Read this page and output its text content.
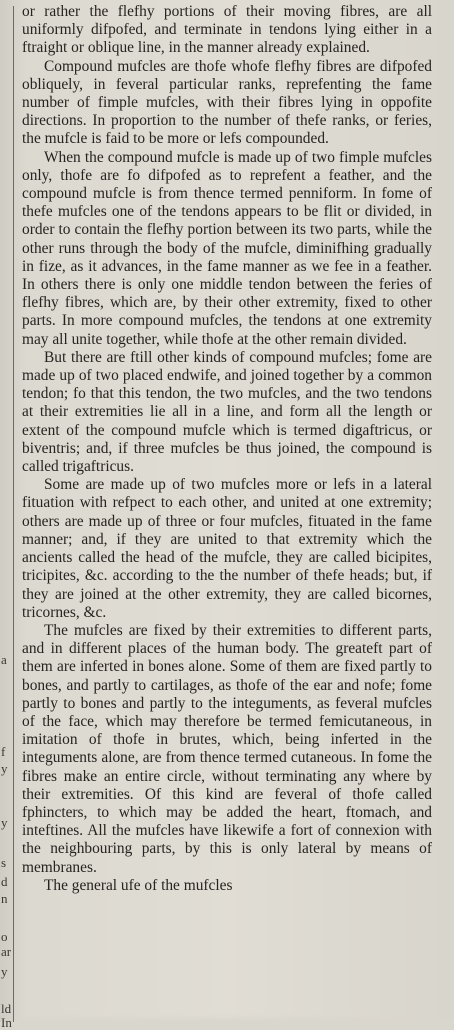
a
y
s
d
n
o
ar
y
ld
In
f
y

or rather the flefhy portions of their moving fibres, are all uniformly difpofed, and terminate in tendons lying either in a ftraight or oblique line, in the manner already explained.

Compound mufcles are thofe whofe flefhy fibres are difpofed obliquely, in feveral particular ranks, reprefenting the fame number of fimple mufcles, with their fibres lying in oppofite directions. In proportion to the number of thefe ranks, or feries, the mufcle is faid to be more or lefs compounded.

When the compound mufcle is made up of two fimple mufcles only, thofe are fo difpofed as to reprefent a feather, and the compound mufcle is from thence termed penniform. In fome of thefe mufcles one of the tendons appears to be flit or divided, in order to contain the flefhy portion between its two parts, while the other runs through the body of the mufcle, diminifhing gradually in fize, as it advances, in the fame manner as we fee in a feather. In others there is only one middle tendon between the feries of flefhy fibres, which are, by their other extremity, fixed to other parts. In more compound mufcles, the tendons at one extremity may all unite together, while thofe at the other remain divided.

But there are ftill other kinds of compound mufcles; fome are made up of two placed endwife, and joined together by a common tendon; fo that this tendon, the two mufcles, and the two tendons at their extremities lie all in a line, and form all the length or extent of the compound mufcle which is termed digaftricus, or biventris; and, if three mufcles be thus joined, the compound is called trigaftricus.

Some are made up of two mufcles more or lefs in a lateral fituation with refpect to each other, and united at one extremity; others are made up of three or four mufcles, fituated in the fame manner; and, if they are united to that extremity which the ancients called the head of the mufcle, they are called bicipites, tricipites, &c. according to the the number of thefe heads; but, if they are joined at the other extremity, they are called bicornes, tricornes, &c.

The mufcles are fixed by their extremities to different parts, and in different places of the human body. The greateft part of them are inferted in bones alone. Some of them are fixed partly to bones, and partly to cartilages, as thofe of the ear and nofe; fome partly to bones and partly to the integuments, as feveral mufcles of the face, which may therefore be termed femicutaneous, in imitation of thofe in brutes, which, being inferted in the integuments alone, are from thence termed cutaneous. In fome the fibres make an entire circle, without terminating any where by their extremities. Of this kind are feveral of thofe called fphincters, to which may be added the heart, ftomach, and inteftines. All the mufcles have likewife a fort of connexion with the neighbouring parts, by this is only lateral by means of membranes.

The general ufe of the mufcles
